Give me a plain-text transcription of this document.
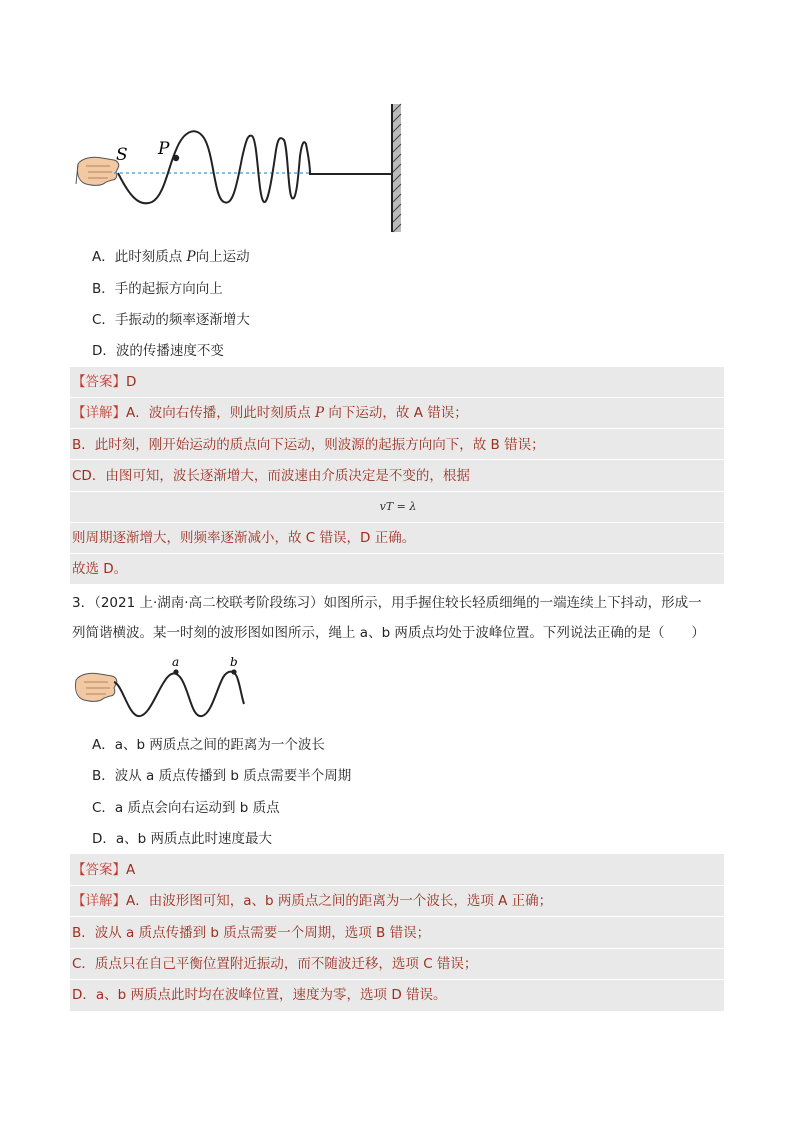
S P
A．此时刻质点 P向上运动
B．手的起振方向向上
C．手振动的频率逐渐增大
D．波的传播速度不变
【答案】D
【详解】A．波向右传播，则此时刻质点 P 向下运动，故 A 错误；
B．此时刻，刚开始运动的质点向下运动，则波源的起振方向向下，故 B 错误；
CD．由图可知，波长逐渐增大，而波速由介质决定是不变的，根据
vT = λ
则周期逐渐增大，则频率逐渐减小，故 C 错误，D 正确。
故选 D。
3．（2021 上·湖南·高二校联考阶段练习）如图所示，用手握住较长轻质细绳的一端连续上下抖动，形成一
列简谐横波。某一时刻的波形图如图所示，绳上 a、b 两质点均处于波峰位置。下列说法正确的是（　　）
a	b
A．a、b 两质点之间的距离为一个波长
B．波从 a 质点传播到 b 质点需要半个周期
C．a 质点会向右运动到 b 质点
D．a、b 两质点此时速度最大
【答案】A
【详解】A．由波形图可知，a、b 两质点之间的距离为一个波长，选项 A 正确；
B．波从 a 质点传播到 b 质点需要一个周期，选项 B 错误；
C．质点只在自己平衡位置附近振动，而不随波迁移，选项 C 错误；
D．a、b 两质点此时均在波峰位置，速度为零，选项 D 错误。
